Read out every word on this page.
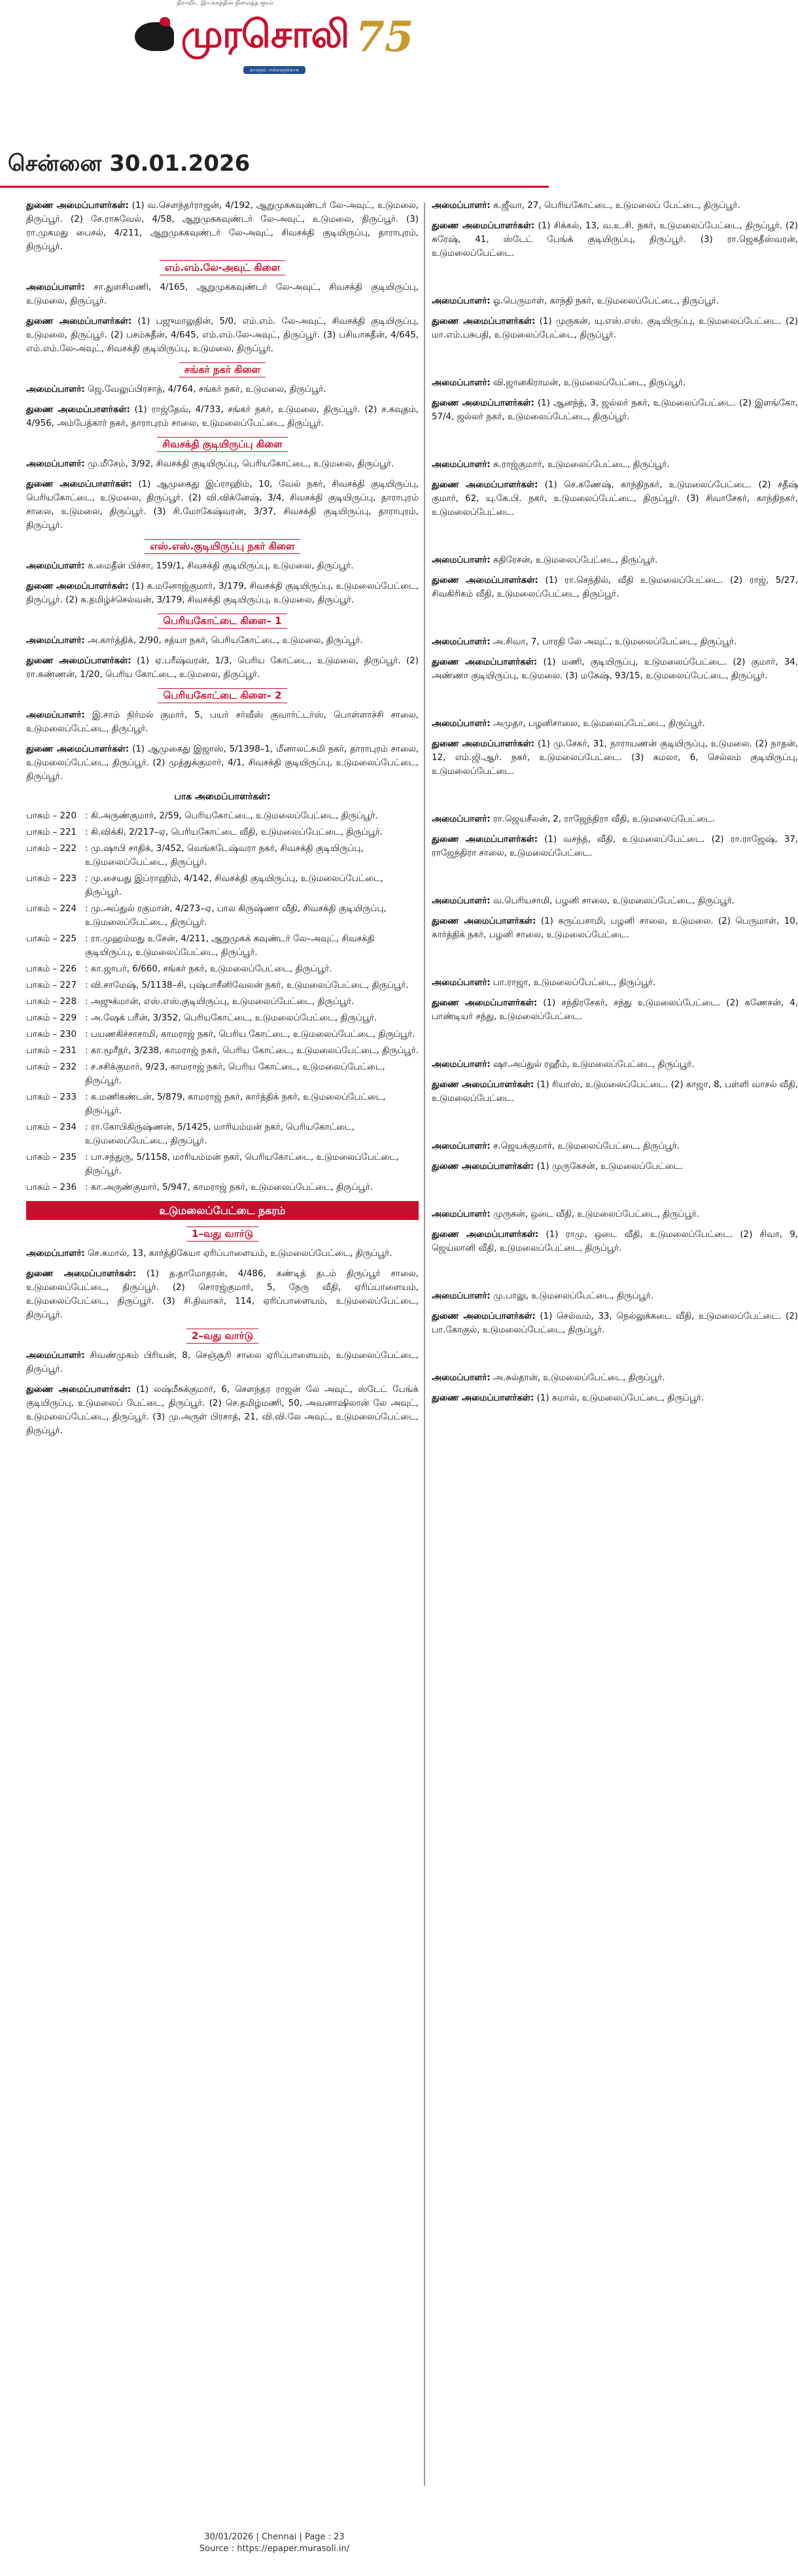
திராவிட இயக்கத்தின் நிலைத்த குரல்
முரசொலி 75
நாளும் மக்களுக்காக
சென்னை 30.01.2026

துணை அமைப்பாளர்கள்: (1) வ.செளந்தர்ராஜன், 4/192, ஆறுமுககவுண்டர் லே-அவுட், உடுமலை, திருப்பூர். (2) சே.ராசுவேல், 4/58, ஆறுமுககவுண்டர் லே-அவுட், உடுமலை, திருப்பூர். (3) ரா.முகமது பைசல், 4/211, ஆறுமுககவுண்டர் லே-அவுட், சிவசக்தி குடியிருப்பு, தாராபுரம், திருப்பூர்.

எம்.எம்.லே-அவுட் கிளை

அமைப்பாளர்: சா.துளசிமணி, 4/165, ஆறுமுககவுண்டர் லே-அவுட், சிவசக்தி குடியிருப்பு, உடுமலை, திருப்பூர்.

துணை அமைப்பாளர்கள்: (1) பஜுமாலுதின், 5/0, எம்.எம். லே-அவுட், சிவசக்தி குடியிருப்பு, உடுமலை, திருப்பூர். (2) பசம்சுதீன், 4/645, எம்.எம்.லே-அவுட், திருப்பூர். (3) பசியாசுதீன், 4/645, எம்.எம்.லே-அவுட், சிவசக்தி குடியிருப்பு, உடுமலை, திருப்பூர்.

சங்கர் நகர் கிளை

அமைப்பாளர்: ஜெ.வேலுப்பிரசாத், 4/764, சங்கர் நகர், உடுமலை, திருப்பூர்.

துணை அமைப்பாளர்கள்: (1) ராஜ்தேவ், 4/733, சங்கர் நகர், உடுமலை, திருப்பூர். (2) ச.கவுதம், 4/956, அம்பேத்கார் நகர், தாராபுரம் சாலை, உடுமலைப்பேட்டை, திருப்பூர்.

சிவசக்தி குடியிருப்பு கிளை

அமைப்பாளர்: மு.மீசேம், 3/92, சிவசக்தி குடியிருப்பு, பெரியகோட்டை, உடுமலை, திருப்பூர்.

துணை அமைப்பாளர்கள்: (1) ஆமுகைது இப்ராஹிம், 10, வேல் நகர், சிவசக்தி குடியிருப்பு, பெரியகோட்டை, உடுமலை, திருப்பூர். (2) வி.விக்னேஷ், 3/4, சிவசக்தி குடியிருப்பு, தாராபுரம் சாலை, உடுமலை, திருப்பூர். (3) சி.மோகேஷ்வரன், 3/37, சிவசக்தி குடியிருப்பு, தாராபுரம், திருப்பூர்.

எஸ்.எஸ்.குடியிருப்பு நகர் கிளை

அமைப்பாளர்: க.மைதீன் பிச்சா, 159/1, சிவசக்தி குடியிருப்பு, உடுமலை, திருப்பூர்.

துணை அமைப்பாளர்கள்: (1) க.மனோஜ்குமார், 3/179, சிவசக்தி குடியிருப்பு, உடுமலைப்பேட்டை, திருப்பூர். (2) க.தமிழ்ச்செல்வன், 3/179, சிவசக்தி குடியிருப்பு, உடுமலை, திருப்பூர்.

பெரியகோட்டை கிளை– 1

அமைப்பாளர்: அ.கார்த்திக், 2/90, சத்யா நகர், பெரியகோட்டை, உடுமலை, திருப்பூர்.

துணை அமைப்பாளர்கள்: (1) ஏ.பரீஷ்வரன், 1/3, பெரிய கோட்டை, உடுமலை, திருப்பூர். (2) ரா.கண்ணன், 1/20, பெரிய கோட்டை, உடுமலை, திருப்பூர்.

பெரியகோட்டை கிளை– 2

அமைப்பாளர்: இ.சாம் நிர்மல் குமார், 5, பயர் சர்வீஸ் குவார்ட்டர்ஸ், பொள்ளாச்சி சாலை, உடுமலைப்பேட்டை, திருப்பூர்.

துணை அமைப்பாளர்கள்: (1) ஆமுகைது இஜாஸ், 5/1398–1, மீனாலட்சுமி நகர், தாராபுரம் சாலை, உடுமலைப்பேட்டை, திருப்பூர். (2) முத்துக்குமார், 4/1, சிவசக்தி குடியிருப்பு, உடுமலைப்பேட்டை, திருப்பூர்.

பாக அமைப்பாளர்கள்:
பாகம் – 220 : கி.அருண்குமார், 2/59, பெரியகோட்டை, உடுமலைப்பேட்டை, திருப்பூர்.
பாகம் – 221 : கி.விக்கி, 2/217–ஏ, பெரியகோட்டை வீதி, உடுமலைப்பேட்டை, திருப்பூர்.
பாகம் – 222 : மு.ஷாபி சாதிக், 3/452, வெங்கடேஷ்வரா நகர், சிவசக்தி குடியிருப்பு, உடுமலைப்பேட்டை, திருப்பூர்.
பாகம் – 223 : மு.சையது இப்ராஹிம், 4/142, சிவசக்தி குடியிருப்பு, உடுமலைப்பேட்டை, திருப்பூர்.
பாகம் – 224 : மு.அப்துல் ரகுமான், 4/273–ஏ, பால கிருஷ்ணா வீதி, சிவசக்தி குடியிருப்பு, உடுமலைப்பேட்டை, திருப்பூர்.
பாகம் – 225 : ரா.முஹம்மது உசேன், 4/211, ஆறுமுகக் கவுண்டர் லே–அவுட், சிவசக்தி குடியிருப்பு, உடுமலைப்பேட்டை, திருப்பூர்.
பாகம் – 226 : கா.ஜாபர், 6/660, சங்கர் நகர், உடுமலைப்பேட்டை, திருப்பூர்.
பாகம் – 227 : வி.சாமேஷ், 5/1138–சி, புஷ்பாசீனிவேலன் நகர், உடுமலைப்பேட்டை, திருப்பூர்.
பாகம் – 228 : அஜுக்மான், எஸ்.எஸ்.குடியிருப்பு, உடுமலைப்பேட்டை, திருப்பூர்.
பாகம் – 229 : அ.ஷேக் பரீன், 3/352, பெரியகோட்டை, உடுமலைப்பேட்டை, திருப்பூர்.
பாகம் – 230 : பயணகிச்சாசாமி, காமராஜ் நகர், பெரிய கோட்டை, உடுமலைப்பேட்டை, திருப்பூர்.
பாகம் – 231 : கா.மூரீதர், 3/238, காமராஜ் நகர், பெரிய கோட்டை, உடுமலைப்பேட்டை, திருப்பூர்.
பாகம் – 232 : ச.சசிக்குமார், 9/23, காமராஜ் நகர், பெரிய கோட்டை, உடுமலைப்பேட்டை, திருப்பூர்.
பாகம் – 233 : க.மணிகண்டன், 5/879, காமராஜ் நகர், கார்த்திக் நகர், உடுமலைப்பேட்டை, திருப்பூர்.
பாகம் – 234 : ரா.கோபிகிருஷ்ணன், 5/1425, மாரியம்மன் நகர், பெரியகோட்டை, உடுமலைப்பேட்டை, திருப்பூர்.
பாகம் – 235 : பா.சந்துரு, 5/1158, மாரியம்மன் நகர், பெரியகோட்டை, உடுமலைப்பேட்டை, திருப்பூர்.
பாகம் – 236 : கா.அருண்குமார், 5/947, காமராஜ் நகர், உடுமலைப்பேட்டை, திருப்பூர்.
உடுமலைப்பேட்டை நகரம்
1–வது வார்டு

அமைப்பாளர்: செ.கமால், 13, கார்த்திகேயா ஏரிப்பாளையம், உடுமலைப்பேட்டை, திருப்பூர்.

துணை அமைப்பாளர்கள்: (1) த.தாமோதரன், 4/486, கண்டித் தடம் திருப்பூர் சாலை, உடுமலைப்பேட்டை, திருப்பூர். (2) சொரஜ்குமார், 5, நேரு வீதி, ஏரிப்பாளையம், உடுமலைப்பேட்டை, திருப்பூர். (3) சி.திவாகர், 114, ஏரிப்பாளையம், உடுமலைப்பேட்டை, திருப்பூர்.

2–வது வார்டு

அமைப்பாளர்: சிவண்முகம் பிரியன், 8, செஞ்சூரி சாலை ஏரிப்பாளையம், உடுமலைப்பேட்டை, திருப்பூர்.

துணை அமைப்பாளர்கள்: (1) லஷ்மீசுக்குமார், 6, சௌந்தர ராஜன் லே அவுட், ஸ்டேட் பேங்க் குடியிருப்பு, உடுமலைப் பேட்டை, திருப்பூர். (2) செ.தமிழ்மணி, 50, அவனாஷிலான் லே அவுட், உடுமலைப்பேட்டை, திருப்பூர். (3) மு.அருள் பிரசாத், 21, வி.வி.லே அவுட், உடுமலைப்பேட்டை, திருப்பூர்.

அமைப்பாளர்: க.ஜீவா, 27, பெரியகோட்டை, உடுமலைப் பேட்டை, திருப்பூர்.

துணை அமைப்பாளர்கள்: (1) சிக்கல், 13, வ.உ.சி. நகர், உடுமலைப்பேட்டை, திருப்பூர். (2) சுரேஷ், 41, ஸ்டேட் பேங்க் குடியிருப்பு, திருப்பூர். (3) ரா.ஜெகதீஸ்வரன், உடுமலைப்பேட்டை.

அமைப்பாளர்: ஓ.பெருமாள், காந்தி நகர், உடுமலைப்பேட்டை, திருப்பூர்.

துணை அமைப்பாளர்கள்: (1) முருகன், யு.எஸ்.எஸ். குடியிருப்பு, உடுமலைப்பேட்டை. (2) மா.எம்.பசுபதி, உடுமலைப்பேட்டை, திருப்பூர்.

அமைப்பாளர்: வி.ஜானகிராமன், உடுமலைப்பேட்டை, திருப்பூர்.

துணை அமைப்பாளர்கள்: (1) ஆனந்த், 3, ஜல்லர் நகர், உடுமலைப்பேட்டை. (2) இளங்கோ, 57/4, ஜல்லர் நகர், உடுமலைப்பேட்டை, திருப்பூர்.

அமைப்பாளர்: க.ராஜ்குமார், உடுமலைப்பேட்டை, திருப்பூர்.

துணை அமைப்பாளர்கள்: (1) செ.கணேஷ், காந்திநகர், உடுமலைப்பேட்டை. (2) சதீஷ் குமார், 62, யு.கே.பி. நகர், உடுமலைப்பேட்டை, திருப்பூர். (3) சிவாசேகர், காந்திநகர், உடுமலைப்பேட்டை.

அமைப்பாளர்: கதிரேசன், உடுமலைப்பேட்டை, திருப்பூர்.

துணை அமைப்பாளர்கள்: (1) ரா.செந்தில், வீதி உடுமலைப்பேட்டை. (2) ராஜ், 5/27, சிவகிரிகம் வீதி, உடுமலைப்பேட்டை, திருப்பூர்.

அமைப்பாளர்: அ.சிவா, 7, பாரதி லே அவுட், உடுமலைப்பேட்டை, திருப்பூர்.

துணை அமைப்பாளர்கள்: (1) மணி, குடியிருப்பு, உடுமலைப்பேட்டை. (2) குமார், 34, அண்ணா குடியிருப்பு, உடுமலை. (3) மகேஷ், 93/15, உடுமலைப்பேட்டை, திருப்பூர்.

அமைப்பாளர்: அமுதா, பழனிசாலை, உடுமலைப்பேட்டை, திருப்பூர்.

துணை அமைப்பாளர்கள்: (1) மு.சேகர், 31, நாராயணன் குடியிருப்பு, உடுமலை. (2) நாதன், 12, எம்.ஜி.ஆர். நகர், உடுமலைப்பேட்டை. (3) கமலா, 6, செல்லம் குடியிருப்பு, உடுமலைப்பேட்டை.

அமைப்பாளர்: ரா.ஜெயசீலன், 2, ராஜேந்திரா வீதி, உடுமலைப்பேட்டை.

துணை அமைப்பாளர்கள்: (1) வசந்த், வீதி, உடுமலைப்பேட்டை. (2) ரா.ராஜேஷ், 37, ராஜேந்திரா சாலை, உடுமலைப்பேட்டை.

அமைப்பாளர்: வ.பெரியசாமி, பழனி சாலை, உடுமலைப்பேட்டை, திருப்பூர்.

துணை அமைப்பாளர்கள்: (1) கருப்பசாமி, பழனி சாலை, உடுமலை. (2) பெருமாள், 10, கார்த்திக் நகர், பழனி சாலை, உடுமலைப்பேட்டை.

அமைப்பாளர்: பா.ராஜா, உடுமலைப்பேட்டை, திருப்பூர்.

துணை அமைப்பாளர்கள்: (1) சந்திரசேகர், சந்து உடுமலைப்பேட்டை. (2) கணேசன், 4, பாண்டியர் சந்து, உடுமலைப்பேட்டை.

அமைப்பாளர்: ஷா.அப்துல் ரஹீம், உடுமலைப்பேட்டை, திருப்பூர்.

துணை அமைப்பாளர்கள்: (1) ரியாஸ், உடுமலைப்பேட்டை. (2) காஜா, 8, பள்ளி வாசல் வீதி, உடுமலைப்பேட்டை.

அமைப்பாளர்: ச.ஜெயக்குமார், உடுமலைப்பேட்டை, திருப்பூர்.

துணை அமைப்பாளர்கள்: (1) முருகேசன், உடுமலைப்பேட்டை.

அமைப்பாளர்: முருகன், ஒடை வீதி, உடுமலைப்பேட்டை, திருப்பூர்.

துணை அமைப்பாளர்கள்: (1) ராமு, ஒடை வீதி, உடுமலைப்பேட்டை. (2) சிவா, 9, ஜெய்லானி வீதி, உடுமலைப்பேட்டை, திருப்பூர்.

அமைப்பாளர்: மு.பாலு, உடுமலைப்பேட்டை, திருப்பூர்.

துணை அமைப்பாளர்கள்: (1) செல்வம், 33, நெல்லுக்கடை வீதி, உடுமலைப்பேட்டை. (2) பா.கோகுல், உடுமலைப்பேட்டை, திருப்பூர்.

அமைப்பாளர்: அ.சுல்தான், உடுமலைப்பேட்டை, திருப்பூர்.

துணை அமைப்பாளர்கள்: (1) கமால், உடுமலைப்பேட்டை, திருப்பூர்.

30/01/2026 | Chennai | Page : 23
Source : https://epaper.murasoli.in/
